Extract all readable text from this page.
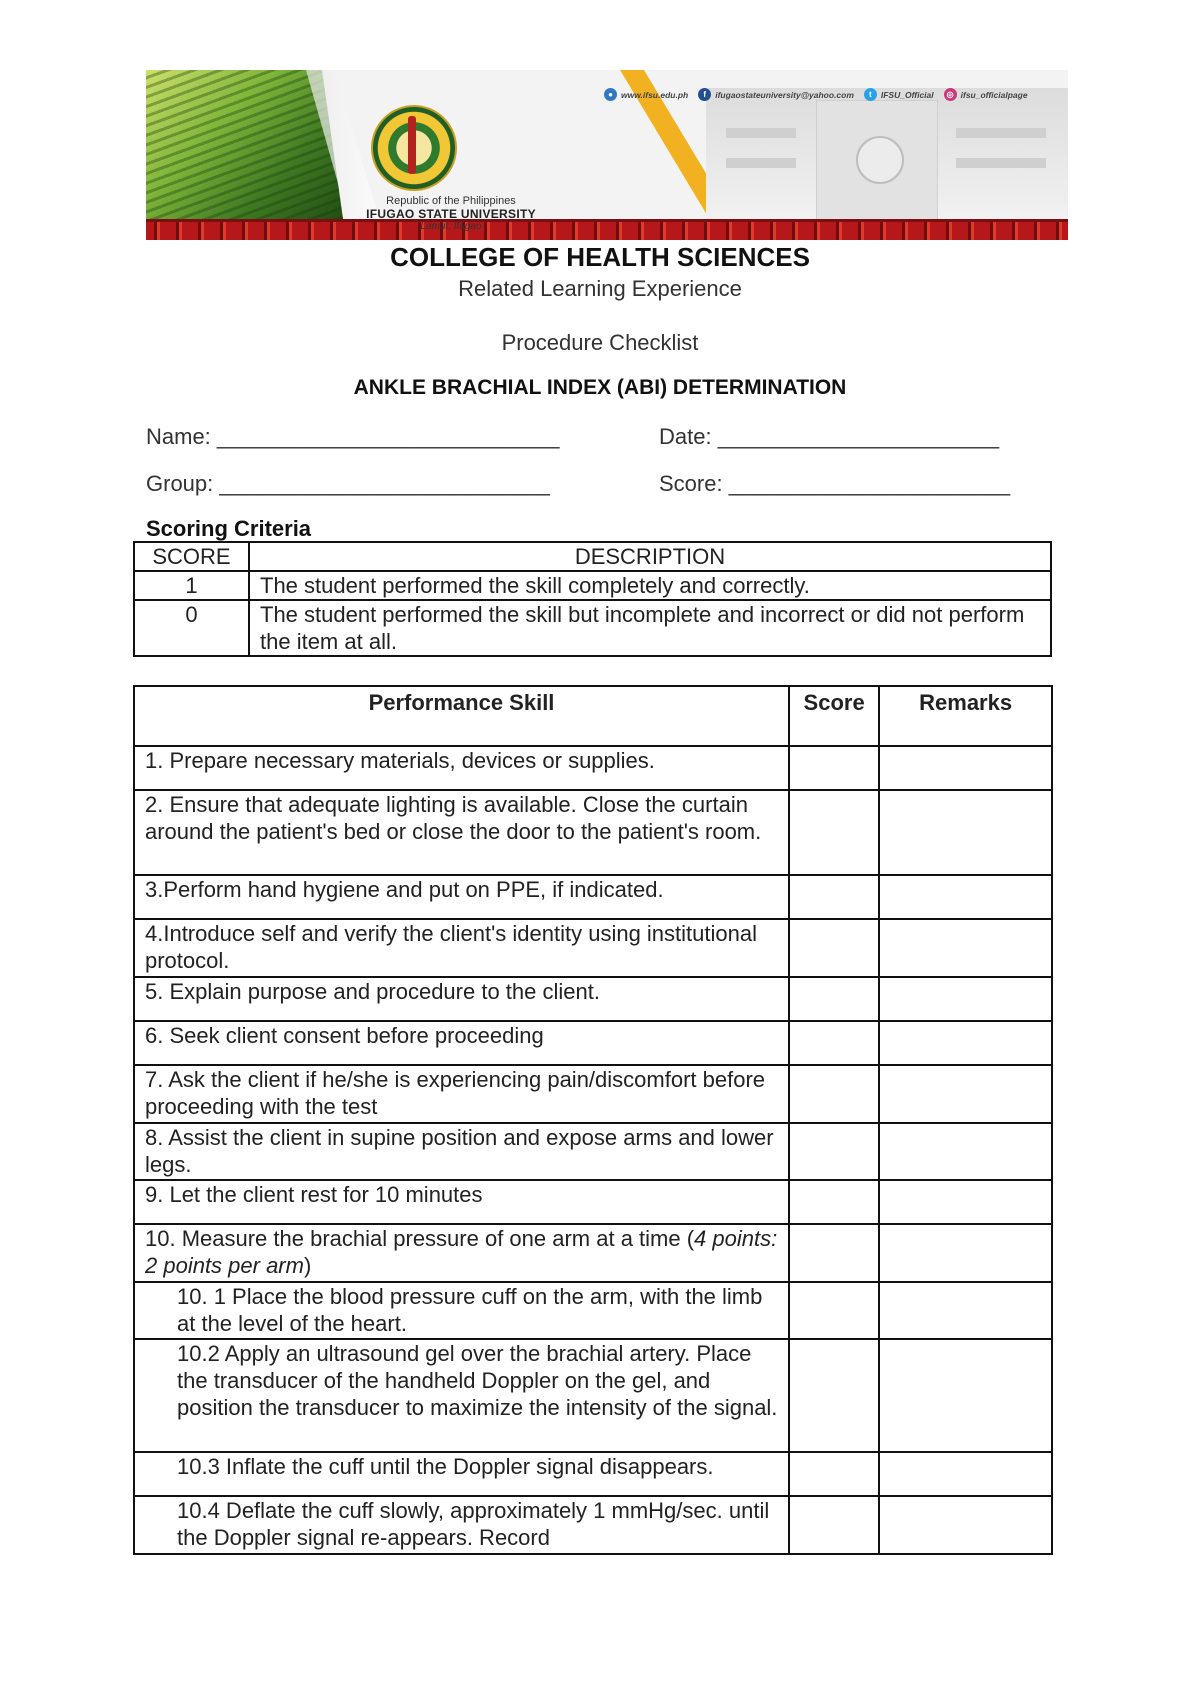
Republic of the Philippines
IFUGAO STATE UNIVERSITY
Lamut, Ifugao
● www.ifsu.edu.ph	f	ifugaostateuniversity@yahoo.com	t	IFSU_Official	◎ ifsu_officialpage
COLLEGE OF HEALTH SCIENCES
Related Learning Experience
Procedure Checklist
ANKLE BRACHIAL INDEX (ABI) DETERMINATION
Name: ____________________________	Date: _______________________
Group: ___________________________	Score: _______________________
Scoring Criteria
SCORE	DESCRIPTION
1	The student performed the skill completely and correctly.
0	The student performed the skill but incomplete and incorrect or did not perform the item at all.
Performance Skill	Score	Remarks
1. Prepare necessary materials, devices or supplies.		
2. Ensure that adequate lighting is available. Close the curtain around the patient's bed or close the door to the patient's room.		
3.Perform hand hygiene and put on PPE, if indicated.		
4.Introduce self and verify the client's identity using institutional protocol.		
5. Explain purpose and procedure to the client.		
6. Seek client consent before proceeding		
7. Ask the client if he/she is experiencing pain/discomfort before proceeding with the test		
8. Assist the client in supine position and expose arms and lower legs.		
9. Let the client rest for 10 minutes		
10. Measure the brachial pressure of one arm at a time (4 points: 2 points per arm)		
10. 1 Place the blood pressure cuff on the arm, with the limb at the level of the heart.		
10.2 Apply an ultrasound gel over the brachial artery. Place the transducer of the handheld Doppler on the gel, and position the transducer to maximize the intensity of the signal.		
10.3 Inflate the cuff until the Doppler signal disappears.		
10.4 Deflate the cuff slowly, approximately 1 mmHg/sec. until the Doppler signal re-appears. Record		
